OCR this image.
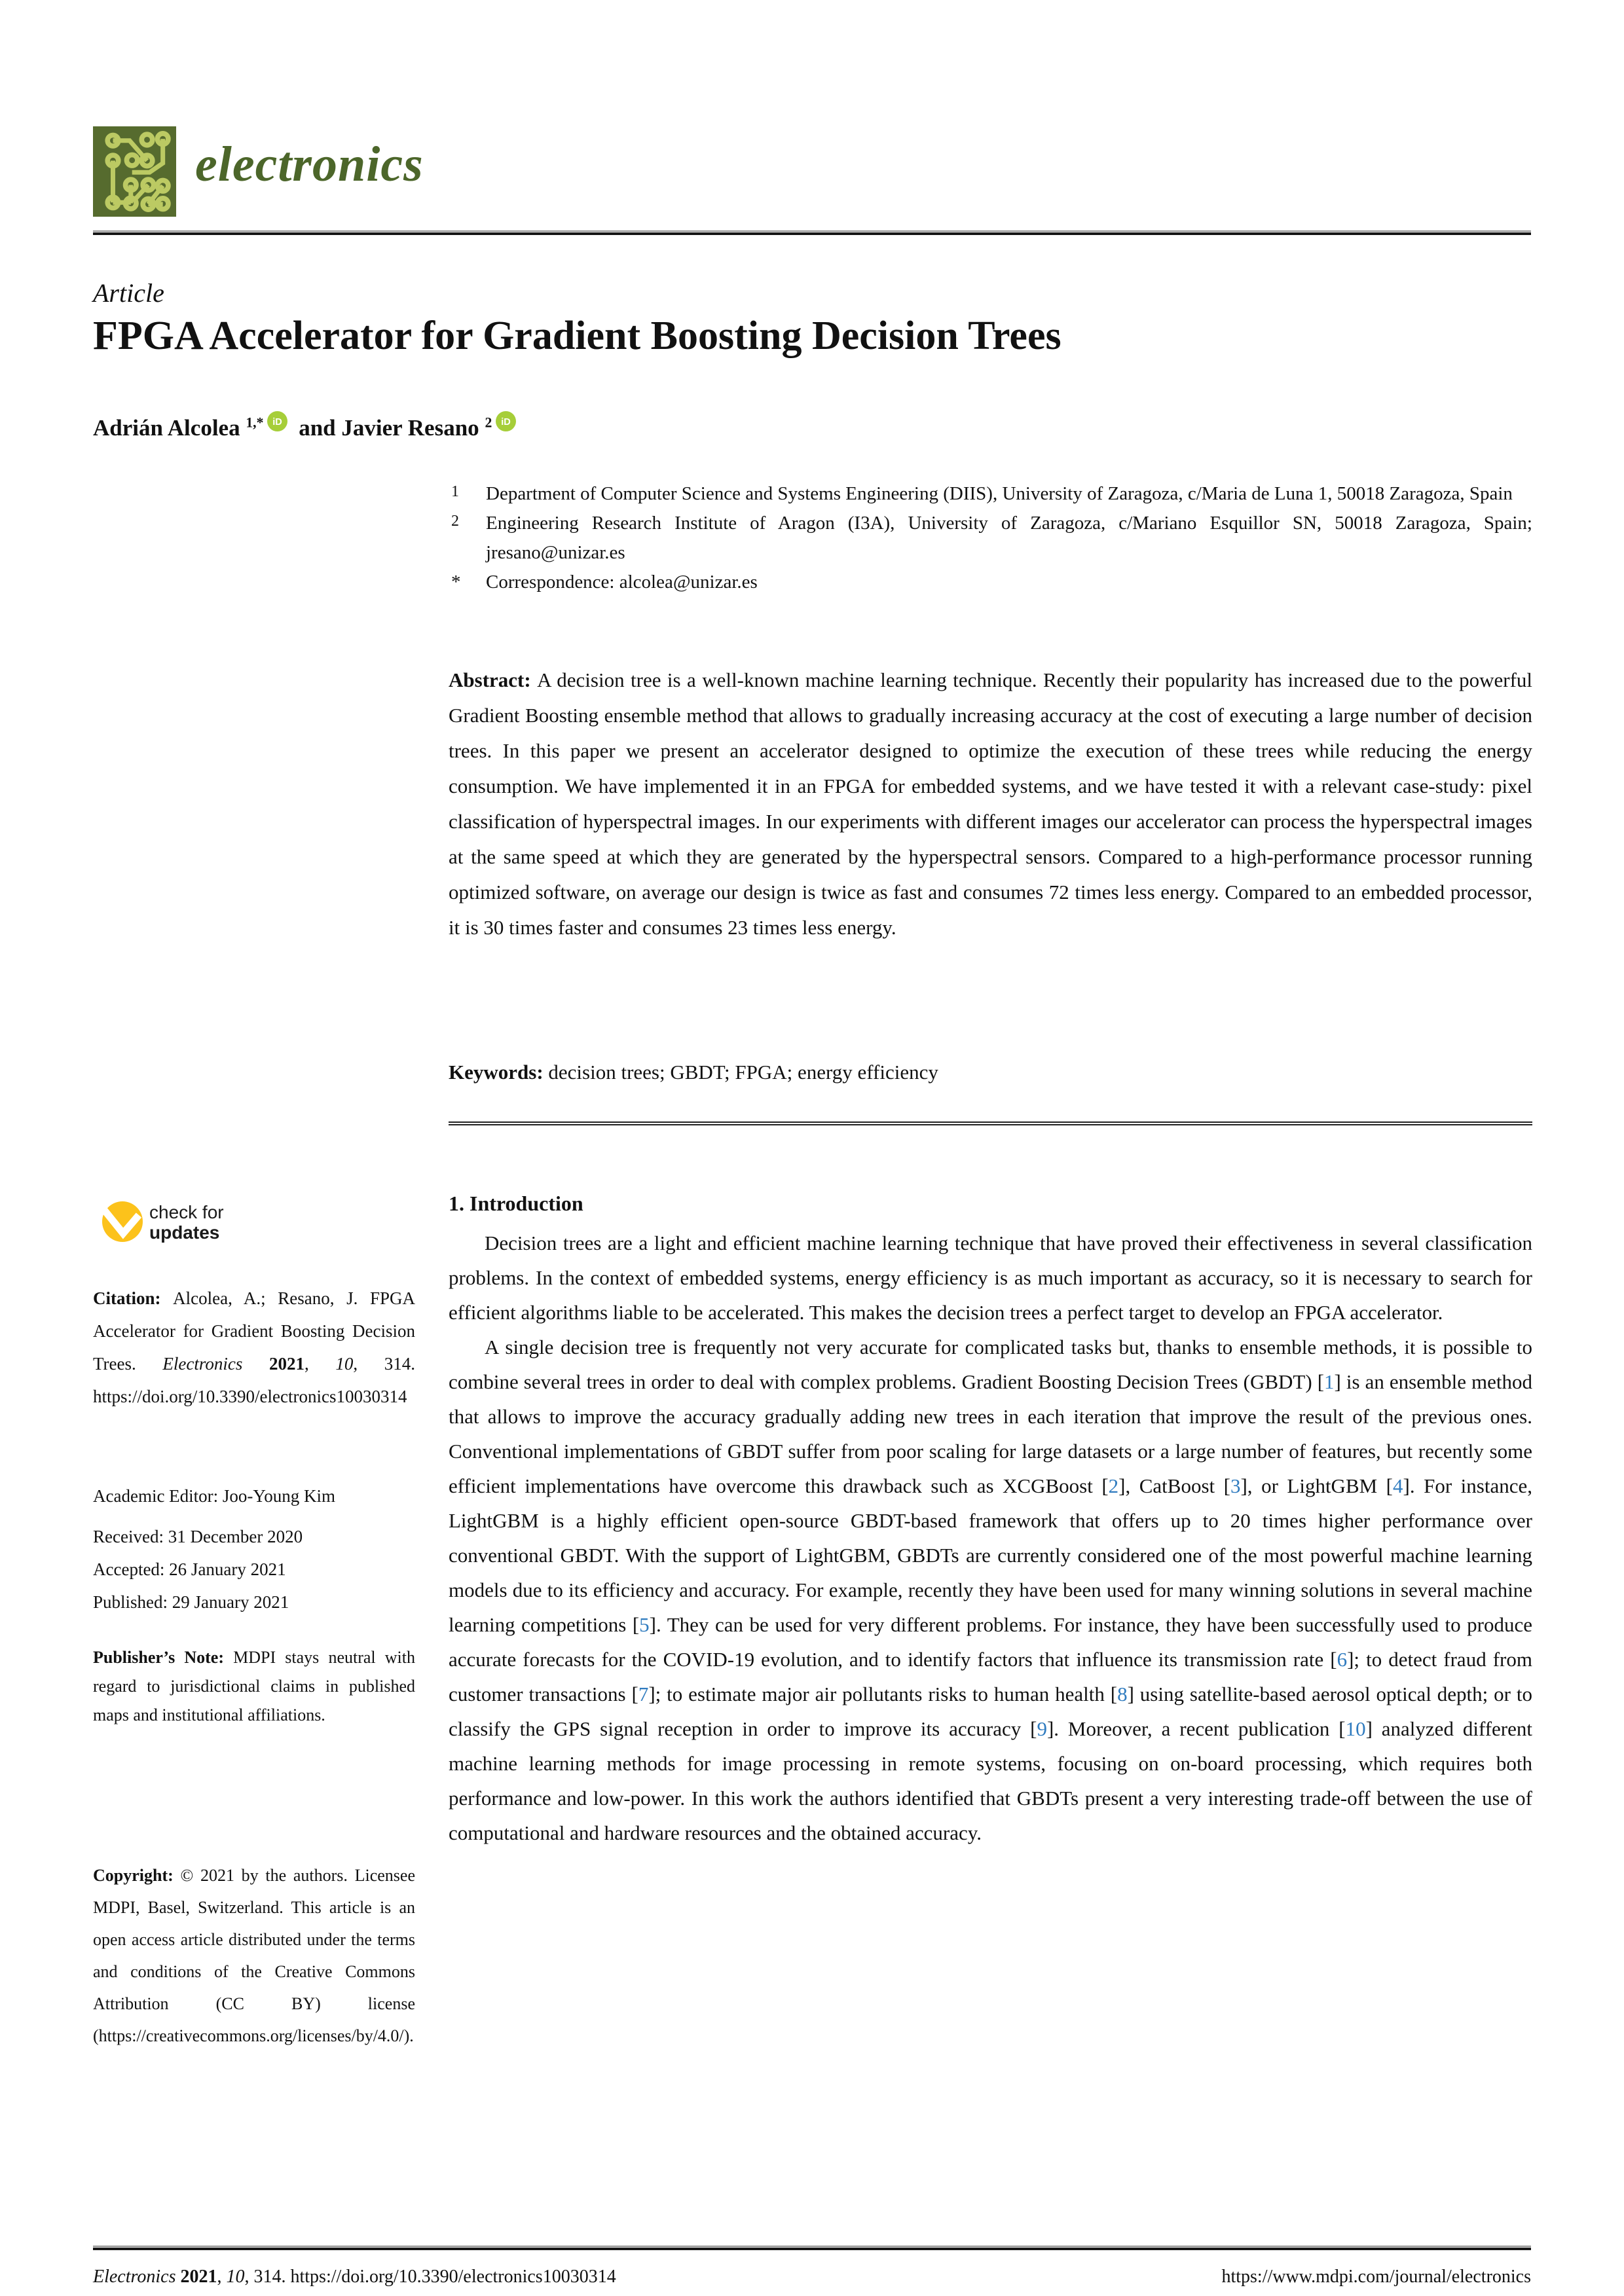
electronics
Article
FPGA Accelerator for Gradient Boosting Decision Trees
Adrián Alcolea $^{1,*}$ iD and Javier Resano $^2$ iD
1 Department of Computer Science and Systems Engineering (DIIS), University of Zaragoza, c/Maria de Luna 1, 50018 Zaragoza, Spain
2 Engineering Research Institute of Aragon (I3A), University of Zaragoza, c/Mariano Esquillor SN, 50018 Zaragoza, Spain; jresano@unizar.es
* Correspondence: alcolea@unizar.es
Abstract: A decision tree is a well-known machine learning technique. Recently their popularity has increased due to the powerful Gradient Boosting ensemble method that allows to gradually increasing accuracy at the cost of executing a large number of decision trees. In this paper we present an accelerator designed to optimize the execution of these trees while reducing the energy consumption. We have implemented it in an FPGA for embedded systems, and we have tested it with a relevant case-study: pixel classification of hyperspectral images. In our experiments with different images our accelerator can process the hyperspectral images at the same speed at which they are generated by the hyperspectral sensors. Compared to a high-performance processor running optimized software, on average our design is twice as fast and consumes 72 times less energy. Compared to an embedded processor, it is 30 times faster and consumes 23 times less energy.
Keywords: decision trees; GBDT; FPGA; energy efficiency
check for
updates
Citation: Alcolea, A.; Resano, J. FPGA Accelerator for Gradient Boosting Decision Trees. Electronics 2021, 10, 314. https://doi.org/10.3390/electronics10030314
Academic Editor: Joo-Young Kim
Received: 31 December 2020
Accepted: 26 January 2021
Published: 29 January 2021
Publisher’s Note: MDPI stays neutral with regard to jurisdictional claims in published maps and institutional affiliations.
Copyright: © 2021 by the authors. Licensee MDPI, Basel, Switzerland. This article is an open access article distributed under the terms and conditions of the Creative Commons Attribution (CC BY) license (https://creativecommons.org/licenses/by/4.0/).
1. Introduction

Decision trees are a light and efficient machine learning technique that have proved their effectiveness in several classification problems. In the context of embedded systems, energy efficiency is as much important as accuracy, so it is necessary to search for efficient algorithms liable to be accelerated. This makes the decision trees a perfect target to develop an FPGA accelerator.

A single decision tree is frequently not very accurate for complicated tasks but, thanks to ensemble methods, it is possible to combine several trees in order to deal with complex problems. Gradient Boosting Decision Trees (GBDT) [1] is an ensemble method that allows to improve the accuracy gradually adding new trees in each iteration that improve the result of the previous ones. Conventional implementations of GBDT suffer from poor scaling for large datasets or a large number of features, but recently some efficient implementations have overcome this drawback such as XCGBoost [2], CatBoost [3], or LightGBM [4]. For instance, LightGBM is a highly efficient open-source GBDT-based framework that offers up to 20 times higher performance over conventional GBDT. With the support of LightGBM, GBDTs are currently considered one of the most powerful machine learning models due to its efficiency and accuracy. For example, recently they have been used for many winning solutions in several machine learning competitions [5]. They can be used for very different problems. For instance, they have been successfully used to produce accurate forecasts for the COVID-19 evolution, and to identify factors that influence its transmission rate [6]; to detect fraud from customer transactions [7]; to estimate major air pollutants risks to human health [8] using satellite-based aerosol optical depth; or to classify the GPS signal reception in order to improve its accuracy [9]. Moreover, a recent publication [10] analyzed different machine learning methods for image processing in remote systems, focusing on on-board processing, which requires both performance and low-power. In this work the authors identified that GBDTs present a very interesting trade-off between the use of computational and hardware resources and the obtained accuracy.

Electronics 2021, 10, 314. https://doi.org/10.3390/electronics10030314	https://www.mdpi.com/journal/electronics
